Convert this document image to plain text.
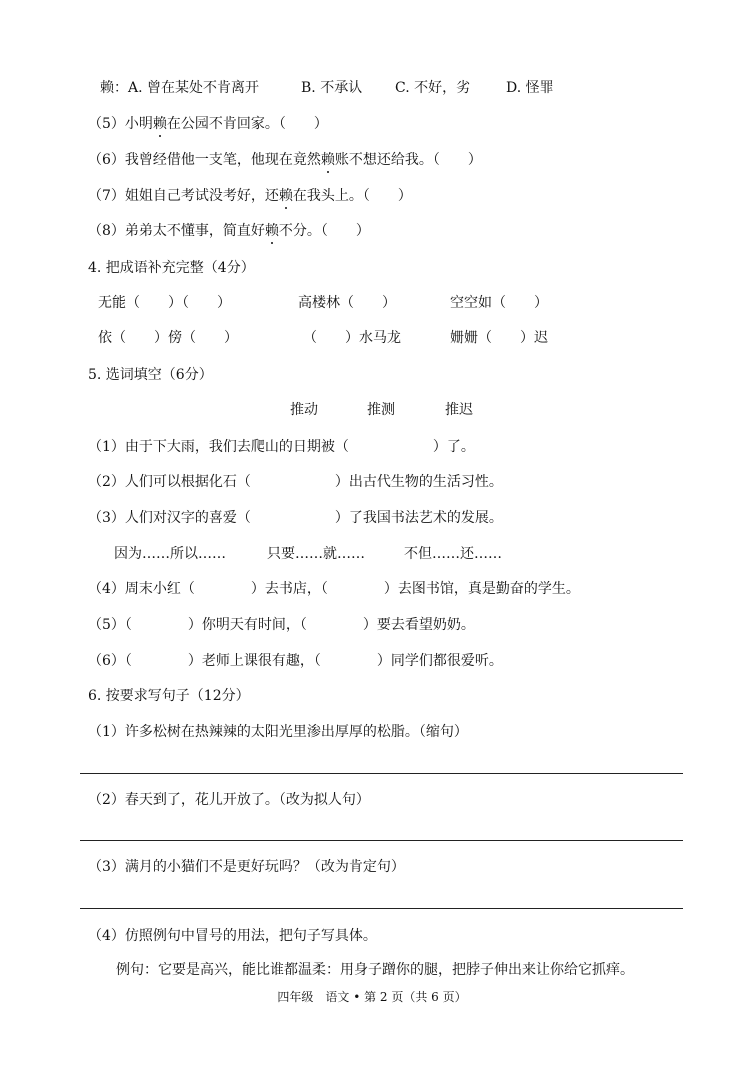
赖： A. 曾在某处不肯离开	B. 不承认 C. 不好，劣	D. 怪罪
（5）小明赖在公园不肯回家。（　　）
（6）我曾经借他一支笔，他现在竟然赖账不想还给我。（　　）
（7）姐姐自己考试没考好，还赖在我头上。（　　）
（8）弟弟太不懂事，简直好赖不分。（　　）
4. 把成语补充完整（4分）
无能（　　）（　　）	高楼林（　　）	空空如（　　）
依（　　）傍（　　）	（　　）水马龙	姗姗（　　）迟
5. 选词填空（6分）
推动	推测	推迟
（1）由于下大雨，我们去爬山的日期被（　　　　　　）了。
（2）人们可以根据化石（　　　　　　）出古代生物的生活习性。
（3）人们对汉字的喜爱（　　　　　　）了我国书法艺术的发展。
因为……所以……	只要……就……	不但……还……
（4）周末小红（　　　　）去书店，（　　　　）去图书馆，真是勤奋的学生。
（5）（　　　　）你明天有时间，（　　　　）要去看望奶奶。
（6）（　　　　）老师上课很有趣，（　　　　）同学们都很爱听。
6. 按要求写句子（12分）
（1）许多松树在热辣辣的太阳光里渗出厚厚的松脂。（缩句）
（2）春天到了，花儿开放了。（改为拟人句）
（3）满月的小猫们不是更好玩吗？（改为肯定句）
（4）仿照例句中冒号的用法，把句子写具体。
例句：它要是高兴，能比谁都温柔：用身子蹭你的腿，把脖子伸出来让你给它抓痒。
四年级　语文 • 第 2 页（共 6 页）
